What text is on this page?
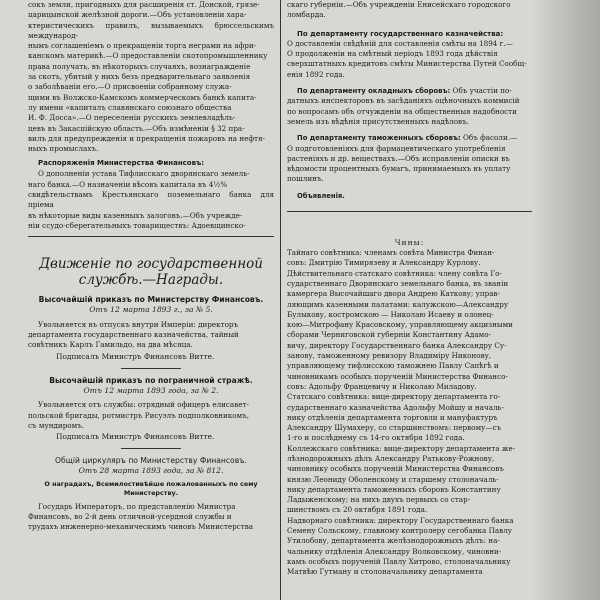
сокъ земли, пригодныхъ для расширенія ст. Донской, грязе-

царицынской желѣзной дороги.—Объ установленіи хара-

ктеристическихъ правилъ, вызываемыхъ брюссельскимъ международ-

нымъ соглашеніемъ о прекращеніи торга неграми на афри-

канскомъ материкѣ.—О предоставленіи скотопромышленнику

права получать, въ нѣкоторыхъ случаяхъ, вознагражденіе

за скотъ, убитый у нихъ безъ предварительнаго заявленія

о заболѣваніи его.—О присвоеніи собранному служа-

щими въ Волжско-Камскомъ коммерческомъ банкѣ капита-

лу имени «капиталъ славянскаго союзнаго общества

И. Ф. Досса».—О переселеніи русскихъ землевладѣль-

цевъ въ Закаспійскую область.—Объ измѣненіи § 32 пра-

вилъ для предупрежденія и прекращенія пожаровъ на нефтя-

ныхъ промыслахъ.

Распоряженія Министерства Финансовъ:

О дополненіи устава Тифлисскаго дворянскаго земель-

наго банка.—О назначеніи вѣсовъ капитала въ 4½%

свидѣтельствамъ Крестьянскаго поземельнаго банка для пріема

въ нѣкоторые виды казенныхъ залоговъ.—Объ учрежде-

ніи ссудо-сберегательныхъ товариществъ: Адоевщинско-

Движеніе по государственной

службѣ.—Награды.

Высочайшій приказъ по Министерству Финансовъ.

Отъ 12 марта 1893 г., за № 5.

Увольняется въ отпускъ внутри Имперіи: директоръ

департамента государственнаго казначейства, тайный

совѣтникъ Карлъ Гамильдо, на два мѣсяца.

Подписалъ Министръ Финансовъ Витте.

Высочайшій приказъ по пограничной стражѣ.

Отъ 12 марта 1893 года, за № 2.

Увольняется отъ службы: отрядный офицеръ елисавет-

польской бригады, ротмистръ Рисуэлъ подполковникомъ,

съ мундиромъ.

Подписалъ Министръ Финансовъ Витте.

Общій циркуляръ по Министерству Финансовъ.

Отъ 28 марта 1893 года, за № 812.

О наградахъ, Всемилостивѣйше пожалованныхъ по сему

Министерству.

Государь Императоръ, по представленію Министра

Финансовъ, во 2-й день отличной-усердной службы и

трудахъ инженерно-механическимъ чиновъ Министерства

скаго губерніи.—Объ учрежденіи Енисейскаго городского

ломбарда.

По департаменту государственнаго казначейства:

О доставленіи свѣдѣній для составленія смѣты на 1894 г.—

О продолженіи на смѣтный періодъ 1893 года дѣйствія

сверхштатныхъ кредитовъ смѣты Министерства Путей Сообщ-

енія 1892 года.

По департаменту окладныхъ сборовъ: Объ участіи по-

датныхъ инспекторовъ въ засѣданіяхъ оцѣночныхъ коммисій

по вопросамъ объ отчужденіи на общественныя надобности

земель изъ вѣдѣнія присутственныхъ надѣловъ.

По департаменту таможенныхъ сборовъ: Объ фасоли.—

О подготовленіяхъ для фармацевтическаго употребленія

растеніяхъ и др. веществахъ.—Объ исправленіи описки въ

вѣдомости процентныхъ бумагъ, принимаемыхъ въ уплату

пошлинъ.

Объявленія.

Чины:

Тайнаго совѣтника: членамъ совѣта Министра Финан-

совъ: Дмитрію Тимирязеву и Александру Курлову.

Дѣйствительнаго статскаго совѣтника: члену совѣта Го-

сударственнаго Дворянскаго земельнаго банка, въ званіи

камергера Высочайшаго двора Андрею Каткову; управ-

ляющимъ казенными палатами: калужскою—Александру

Булыкову, костромскою — Николаю Исаеву и олонец-

кою—Митрофану Красовскому, управляющему акцизными

сборами Черниговской губерніи Константину Адамо-

вичу, директору Государственнаго банка Александру Су-

занову, таможенному ревизору Владиміру Никонову,

управляющему тифлисскою таможнею Павлу Сапѣгѣ и

чиновникамъ особыхъ порученій Министерства Финансо-

совъ: Адольфу Францевичу и Николаю Миладову.

Статскаго совѣтника: вице-директору департамента го-

сударственнаго казначейства Адольфу Мойшу и началь-

нику отдѣленія департамента торговли и мануфактуръ

Александру Шумахеру, со старшинствомъ: первому—съ

1-го и послѣднему съ 14-го октября 1892 года.

Коллежскаго совѣтника: вице-директору департамента же-

лѣзнодорожныхъ дѣлъ Александру Ратькову-Рожнову,

чиновнику особыхъ порученій Министерства Финансовъ

князю Леониду Оболенскому и старшему столоначаль-

нику департамента таможенныхъ сборовъ Константину

Ладыженскому; на нихъ двухъ первыхъ со стар-

шинствомъ съ 20 октября 1891 года.

Надворнаго совѣтника: директору Государственнаго банка

Семену Сольскому, главному контролеру сегобанка Павлу

Утилобову, департамента желѣзнодорожныхъ дѣлъ: на-

чальнику отдѣленія Александру Волковскому, чиновни-

камъ особыхъ порученій Павлу Хитрово, столоначальнику

Матвѣю Гутману и столоначальнику департамента
